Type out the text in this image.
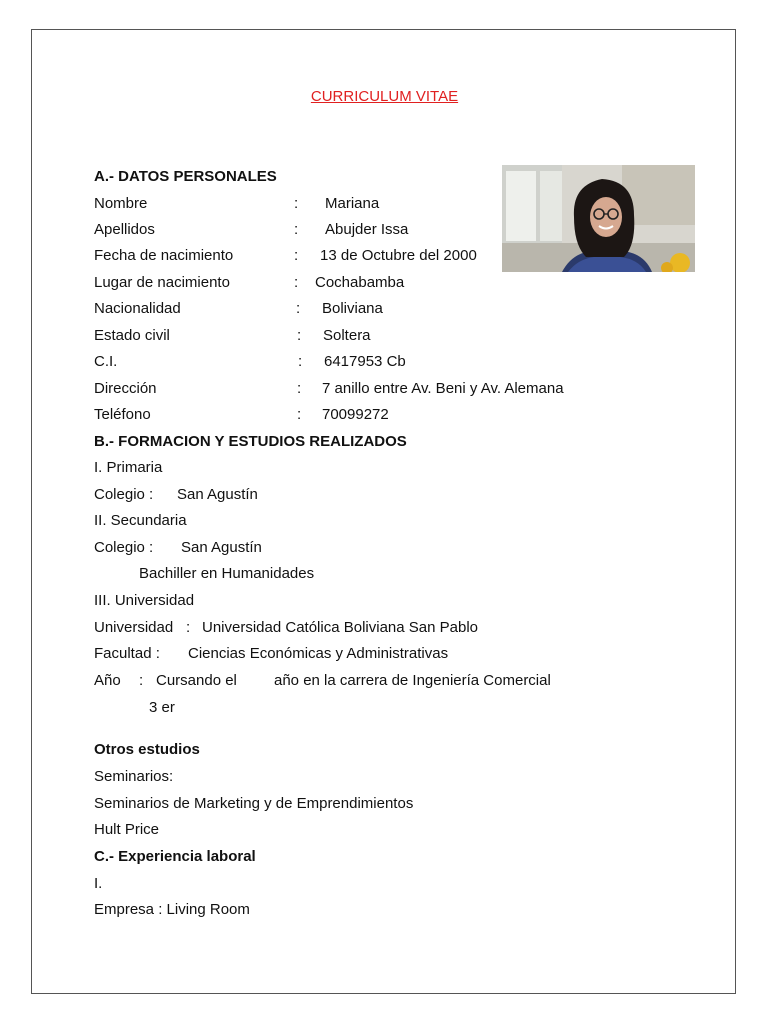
CURRICULUM VITAE
A.- DATOS PERSONALES
Nombre	: Mariana
Apellidos	: Abujder Issa
Fecha de nacimiento	: 13 de Octubre del 2000
Lugar de nacimiento	: Cochabamba
Nacionalidad	: Boliviana
Estado civil	: Soltera
C.I.	: 6417953 Cb
Dirección	: 7 anillo entre Av. Beni y Av. Alemana
Teléfono	: 70099272
B.- FORMACION Y ESTUDIOS REALIZADOS
I. Primaria
Colegio : San Agustín
II. Secundaria
Colegio : San Agustín
Bachiller en Humanidades
III. Universidad
Universidad : Universidad Católica Boliviana San Pablo
Facultad : Ciencias Económicas y Administrativas
Año : Cursando el año en la carrera de Ingeniería Comercial
3 er
Otros estudios
Seminarios:
Seminarios de Marketing y de Emprendimientos
Hult Price
C.- Experiencia laboral
I.
Empresa : Living Room
